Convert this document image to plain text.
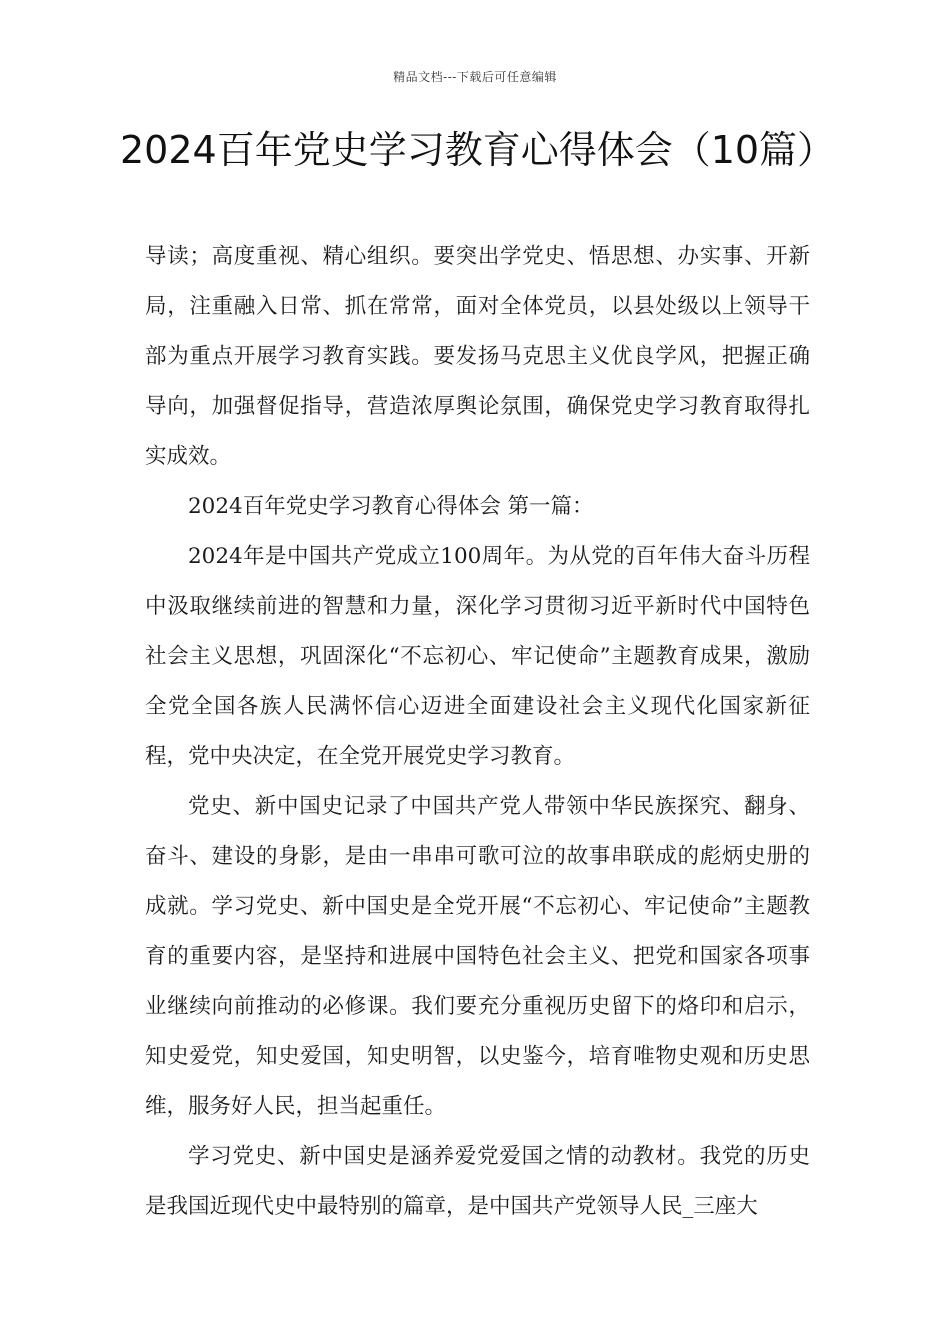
精品文档---下载后可任意编辑
2024百年党史学习教育心得体会（10篇）

导读；高度重视、精心组织。要突出学党史、悟思想、办实事、开新局，注重融入日常、抓在常常，面对全体党员，以县处级以上领导干部为重点开展学习教育实践。要发扬马克思主义优良学风，把握正确导向，加强督促指导，营造浓厚舆论氛围，确保党史学习教育取得扎实成效。

2024百年党史学习教育心得体会 第一篇：

2024年是中国共产党成立100周年。为从党的百年伟大奋斗历程中汲取继续前进的智慧和力量，深化学习贯彻习近平新时代中国特色社会主义思想，巩固深化“不忘初心、牢记使命”主题教育成果，激励全党全国各族人民满怀信心迈进全面建设社会主义现代化国家新征程，党中央决定，在全党开展党史学习教育。

党史、新中国史记录了中国共产党人带领中华民族探究、翻身、奋斗、建设的身影，是由一串串可歌可泣的故事串联成的彪炳史册的成就。学习党史、新中国史是全党开展“不忘初心、牢记使命”主题教育的重要内容，是坚持和进展中国特色社会主义、把党和国家各项事业继续向前推动的必修课。我们要充分重视历史留下的烙印和启示，知史爱党，知史爱国，知史明智，以史鉴今，培育唯物史观和历史思维，服务好人民，担当起重任。

学习党史、新中国史是涵养爱党爱国之情的动教材。我党的历史是我国近现代史中最特别的篇章，是中国共产党领导人民_三座大
